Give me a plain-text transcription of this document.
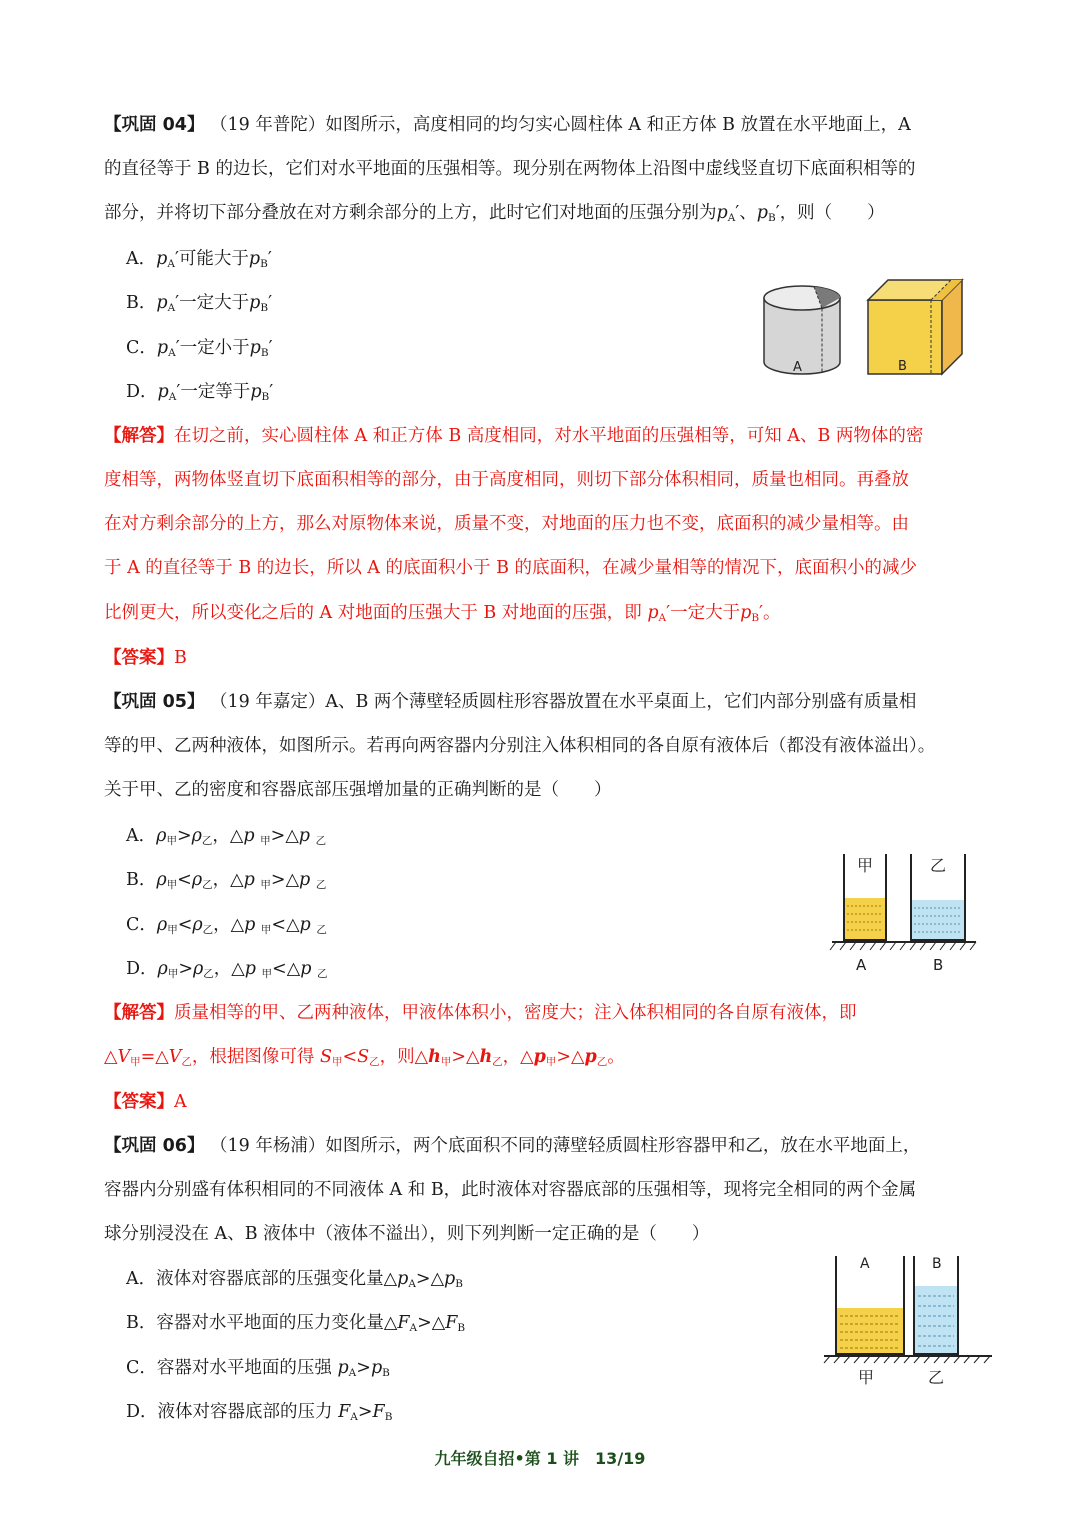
【巩固 04】 （19 年普陀）如图所示，高度相同的均匀实心圆柱体 A 和正方体 B 放置在水平地面上，A
的直径等于 B 的边长，它们对水平地面的压强相等。现分别在两物体上沿图中虚线竖直切下底面积相等的
部分，并将切下部分叠放在对方剩余部分的上方，此时它们对地面的压强分别为$p_A'$、$p_B'$，则（　　）
A．$p_A'$可能大于$p_B'$
B．$p_A'$一定大于$p_B'$
C．$p_A'$一定小于$p_B'$
D．$p_A'$一定等于$p_B'$
A	B
【解答】在切之前，实心圆柱体 A 和正方体 B 高度相同，对水平地面的压强相等，可知 A、B 两物体的密
度相等，两物体竖直切下底面积相等的部分，由于高度相同，则切下部分体积相同，质量也相同。再叠放
在对方剩余部分的上方，那么对原物体来说，质量不变，对地面的压力也不变，底面积的减少量相等。由
于 A 的直径等于 B 的边长，所以 A 的底面积小于 B 的底面积，在减少量相等的情况下，底面积小的减少
比例更大，所以变化之后的 A 对地面的压强大于 B 对地面的压强，即 $p_A'$一定大于$p_B'$。
【答案】B
【巩固 05】 （19 年嘉定）A、B 两个薄壁轻质圆柱形容器放置在水平桌面上，它们内部分别盛有质量相
等的甲、乙两种液体，如图所示。若再向两容器内分别注入体积相同的各自原有液体后（都没有液体溢出）。
关于甲、乙的密度和容器底部压强增加量的正确判断的是（　　）
A．$\rho_甲>\rho_乙$，△p $_甲$>△p $_乙$
B．$\rho_甲<\rho_乙$，△p $_甲$>△p $_乙$
C．$\rho_甲<\rho_乙$，△p $_甲$<△p $_乙$
D．$\rho_甲>\rho_乙$，△p $_甲$<△p $_乙$
甲	乙
A	B
【解答】质量相等的甲、乙两种液体，甲液体体积小，密度大；注入体积相同的各自原有液体，即
$\triangle V_甲=\triangle V_乙$，根据图像可得 $S_甲<S_乙$，则$\triangle h_甲>\triangle h_乙$，$\triangle p_甲>\triangle p_乙$。
【答案】A
【巩固 06】 （19 年杨浦）如图所示，两个底面积不同的薄壁轻质圆柱形容器甲和乙，放在水平地面上，
容器内分别盛有体积相同的不同液体 A 和 B，此时液体对容器底部的压强相等，现将完全相同的两个金属
球分别浸没在 A、B 液体中（液体不溢出），则下列判断一定正确的是（　　）
A．液体对容器底部的压强变化量$\triangle p_A>\triangle p_B$
B．容器对水平地面的压力变化量$\triangle F_A>\triangle F_B$
C．容器对水平地面的压强 $p_A>p_B$
D．液体对容器底部的压力 $F_A>F_B$
A	B
甲	乙
九年级自招•第 1 讲　13/19
